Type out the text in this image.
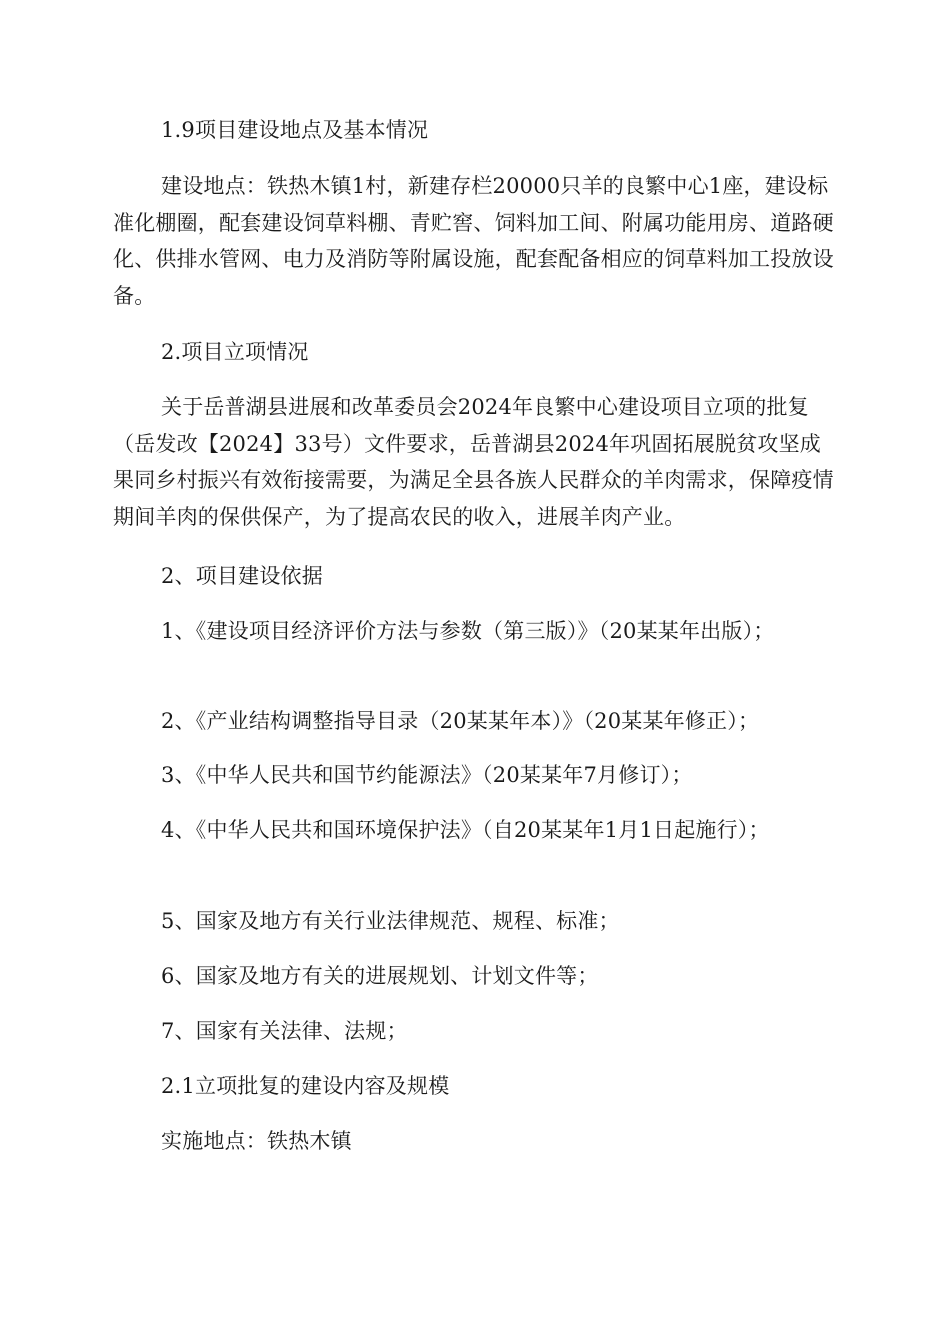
1.9项目建设地点及基本情况

建设地点：铁热木镇1村，新建存栏20000只羊的良繁中心1座，建设标准化棚圈，配套建设饲草料棚、青贮窖、饲料加工间、附属功能用房、道路硬化、供排水管网、电力及消防等附属设施，配套配备相应的饲草料加工投放设备。

2.项目立项情况

关于岳普湖县进展和改革委员会2024年良繁中心建设项目立项的批复（岳发改【2024】33号）文件要求，岳普湖县2024年巩固拓展脱贫攻坚成果同乡村振兴有效衔接需要，为满足全县各族人民群众的羊肉需求，保障疫情期间羊肉的保供保产，为了提高农民的收入，进展羊肉产业。

2、项目建设依据

1、《建设项目经济评价方法与参数（第三版）》（20某某年出版）；

2、《产业结构调整指导目录（20某某年本）》（20某某年修正）；

3、《中华人民共和国节约能源法》（20某某年7月修订）；

4、《中华人民共和国环境保护法》（自20某某年1月1日起施行）；

5、国家及地方有关行业法律规范、规程、标准；

6、国家及地方有关的进展规划、计划文件等；

7、国家有关法律、法规；

2.1立项批复的建设内容及规模

实施地点：铁热木镇
